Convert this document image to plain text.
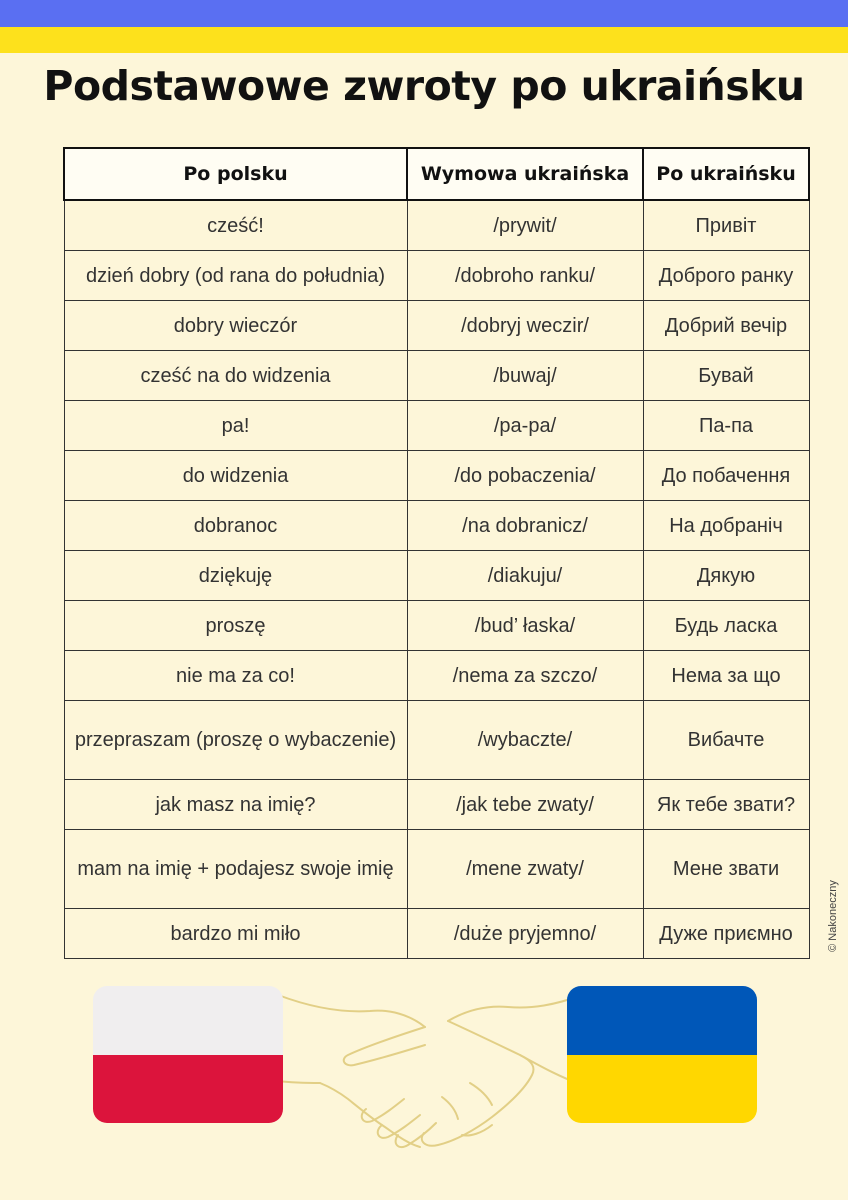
Podstawowe zwroty po ukraińsku
Po polsku	Wymowa ukraińska	Po ukraińsku
cześć!	/prywit/	Привіт
dzień dobry (od rana do południa)	/dobroho ranku/	Доброго ранку
dobry wieczór	/dobryj weczir/	Добрий вечір
cześć na do widzenia	/buwaj/	Бувай
pa!	/pa-pa/	Па-па
do widzenia	/do pobaczenia/	До побачення
dobranoc	/na dobranicz/	На добраніч
dziękuję	/diakuju/	Дякую
proszę	/bud’ łaska/	Будь ласка
nie ma za co!	/nema za szczo/	Нема за що
przepraszam (proszę o wybaczenie)	/wybaczte/	Вибачте
jak masz na imię?	/jak tebe zwaty/	Як тебе звати?
mam na imię + podajesz swoje imię	/mene zwaty/	Мене звати
bardzo mi miło	/duże pryjemno/	Дуже приємно	© Nakoneczny
